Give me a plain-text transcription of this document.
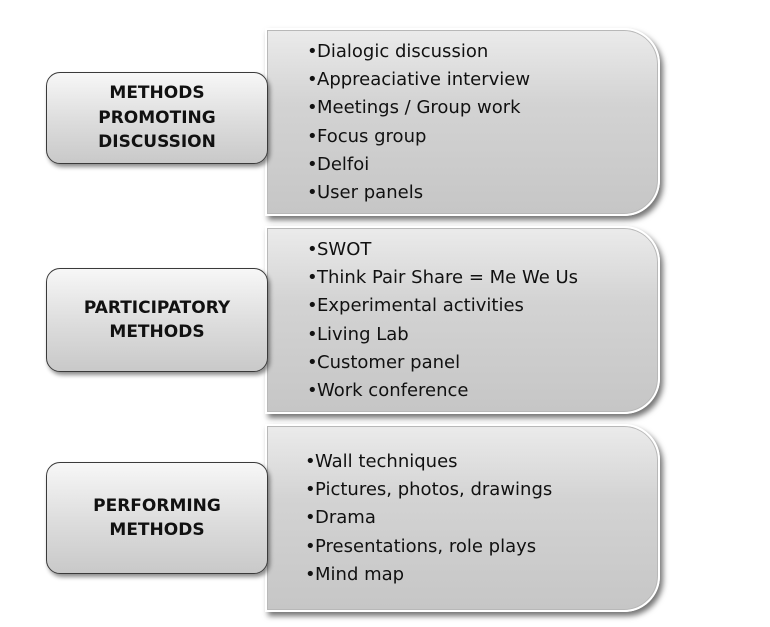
•Dialogic discussion
•Appreaciative interview
•Meetings / Group work
•Focus group
•Delfoi
•User panels
METHODS
PROMOTING
DISCUSSION
•SWOT
•Think Pair Share = Me We Us
•Experimental activities
•Living Lab
•Customer panel
•Work conference
PARTICIPATORY
METHODS
•Wall techniques
•Pictures, photos, drawings
•Drama
•Presentations, role plays
•Mind map
PERFORMING
METHODS
